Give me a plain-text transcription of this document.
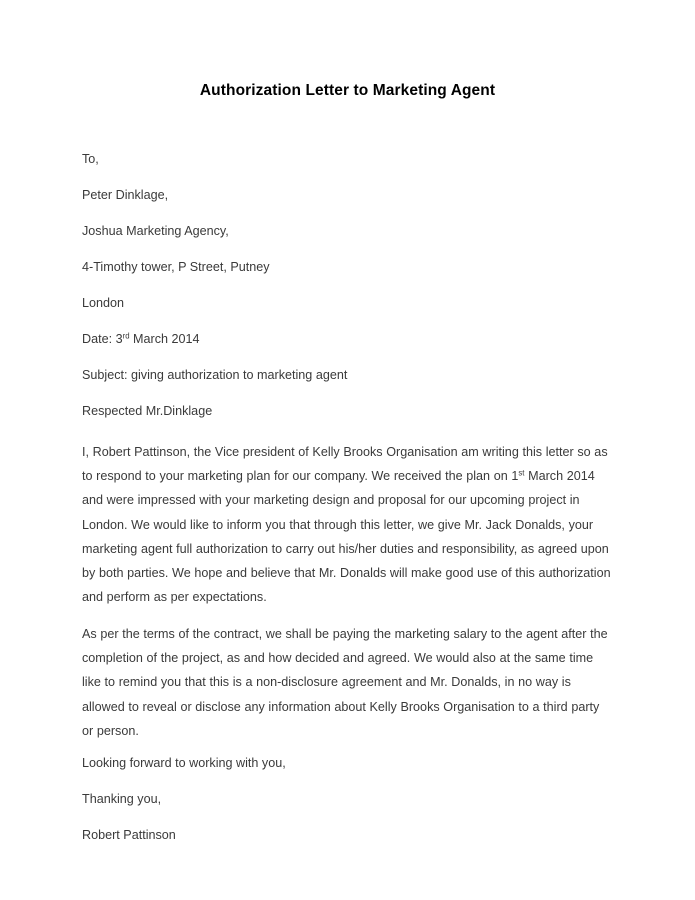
Authorization Letter to Marketing Agent

To,

Peter Dinklage,

Joshua Marketing Agency,

4-Timothy tower, P Street, Putney

London

Date: 3rd March 2014

Subject: giving authorization to marketing agent

Respected Mr.Dinklage

I, Robert Pattinson, the Vice president of Kelly Brooks Organisation am writing this letter so as to respond to your marketing plan for our company. We received the plan on 1st March 2014 and were impressed with your marketing design and proposal for our upcoming project in London. We would like to inform you that through this letter, we give Mr. Jack Donalds, your marketing agent full authorization to carry out his/her duties and responsibility, as agreed upon by both parties. We hope and believe that Mr. Donalds will make good use of this authorization and perform as per expectations.

As per the terms of the contract, we shall be paying the marketing salary to the agent after the completion of the project, as and how decided and agreed. We would also at the same time like to remind you that this is a non-disclosure agreement and Mr. Donalds, in no way is allowed to reveal or disclose any information about Kelly Brooks Organisation to a third party or person.

Looking forward to working with you,

Thanking you,

Robert Pattinson
